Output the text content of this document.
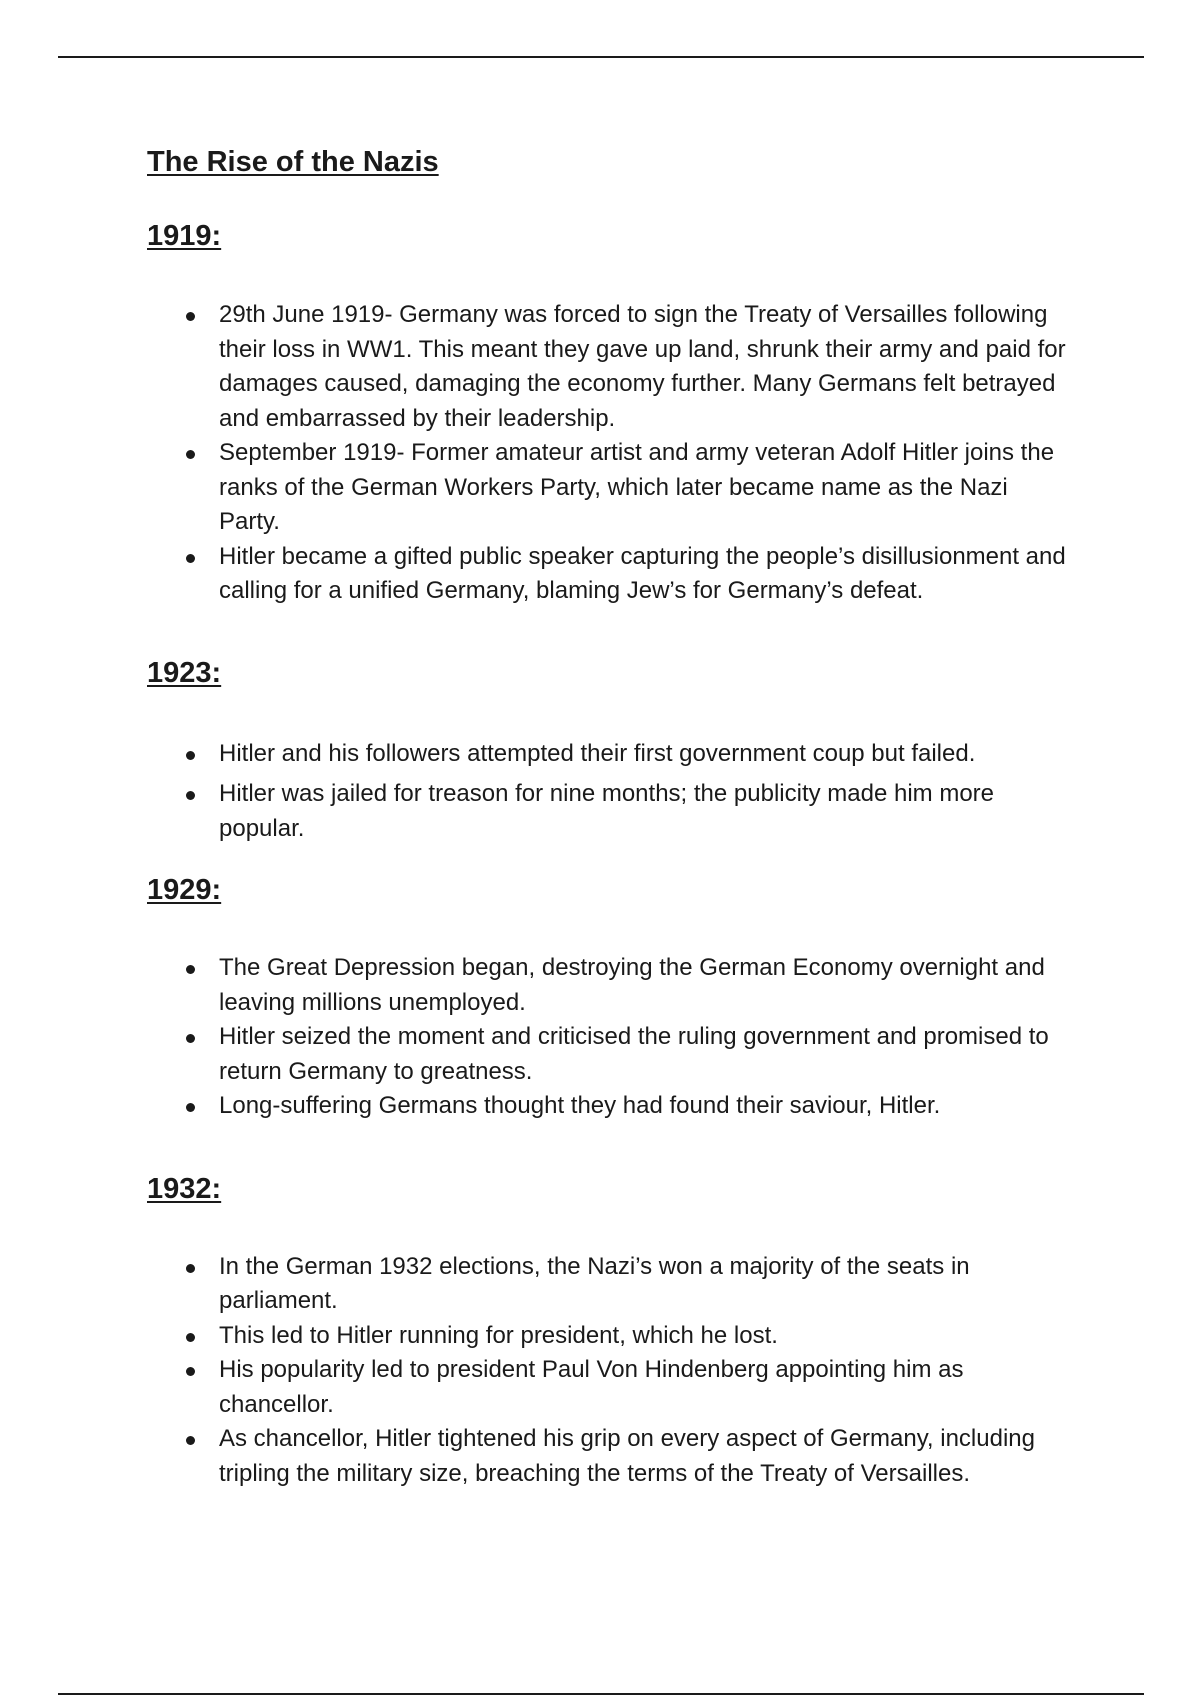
The Rise of the Nazis
1919:
29th June 1919- Germany was forced to sign the Treaty of Versailles following their loss in WW1. This meant they gave up land, shrunk their army and paid for damages caused, damaging the economy further. Many Germans felt betrayed and embarrassed by their leadership.
September 1919- Former amateur artist and army veteran Adolf Hitler joins the ranks of the German Workers Party, which later became name as the Nazi Party.
Hitler became a gifted public speaker capturing the people’s disillusionment and calling for a unified Germany, blaming Jew’s for Germany’s defeat.
1923:
Hitler and his followers attempted their first government coup but failed.
Hitler was jailed for treason for nine months; the publicity made him more popular.
1929:
The Great Depression began, destroying the German Economy overnight and leaving millions unemployed.
Hitler seized the moment and criticised the ruling government and promised to return Germany to greatness.
Long-suffering Germans thought they had found their saviour, Hitler.
1932:
In the German 1932 elections, the Nazi’s won a majority of the seats in parliament.
This led to Hitler running for president, which he lost.
His popularity led to president Paul Von Hindenberg appointing him as chancellor.
As chancellor, Hitler tightened his grip on every aspect of Germany, including tripling the military size, breaching the terms of the Treaty of Versailles.
